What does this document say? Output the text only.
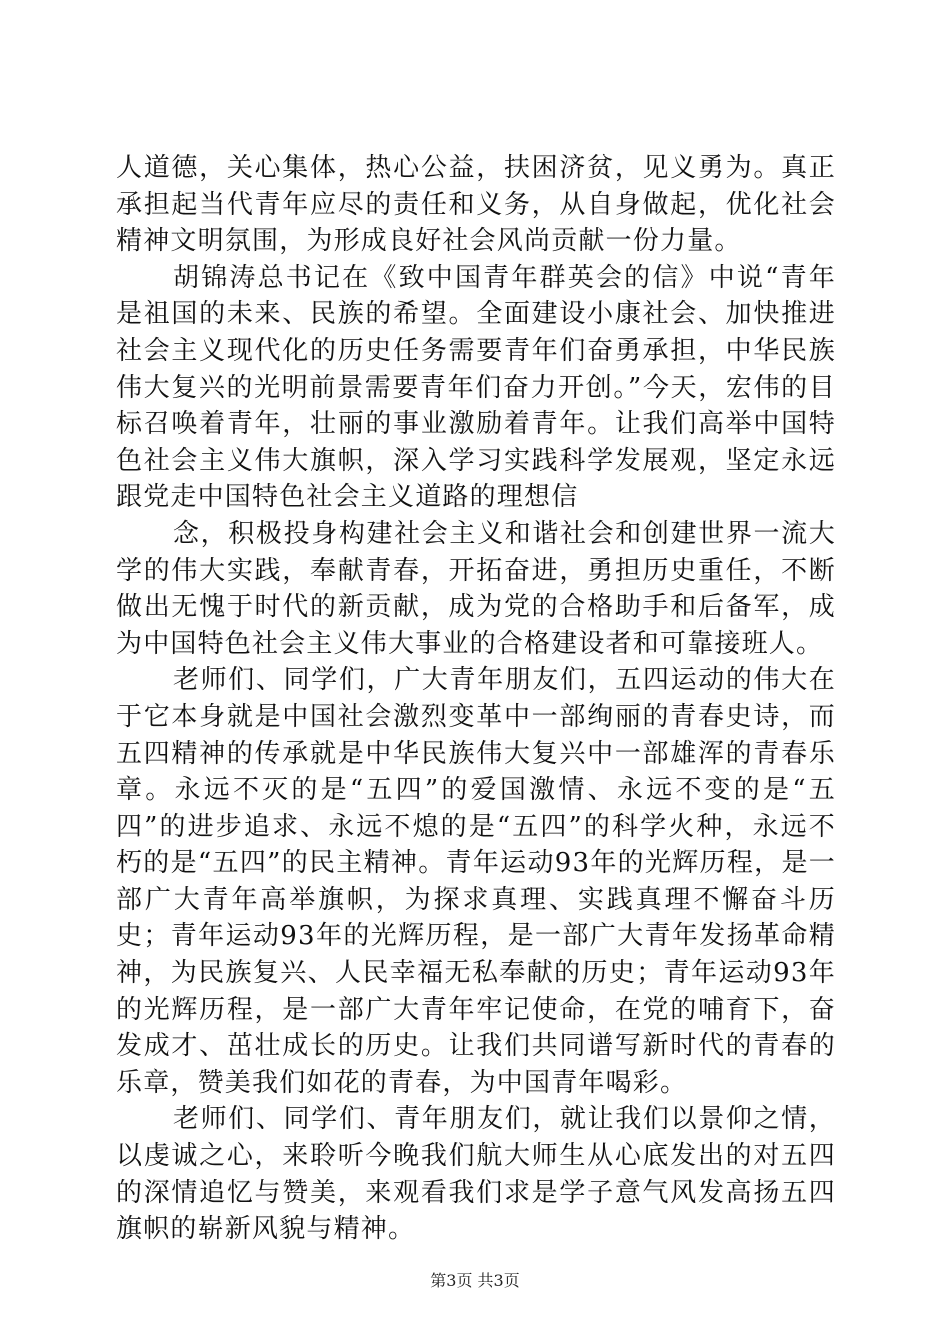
人道德，关心集体，热心公益，扶困济贫，见义勇为。真正承担起当代青年应尽的责任和义务，从自身做起，优化社会精神文明氛围，为形成良好社会风尚贡献一份力量。

胡锦涛总书记在《致中国青年群英会的信》中说“青年是祖国的未来、民族的希望。全面建设小康社会、加快推进社会主义现代化的历史任务需要青年们奋勇承担，中华民族伟大复兴的光明前景需要青年们奋力开创。”今天，宏伟的目标召唤着青年，壮丽的事业激励着青年。让我们高举中国特色社会主义伟大旗帜，深入学习实践科学发展观，坚定永远跟党走中国特色社会主义道路的理想信

念，积极投身构建社会主义和谐社会和创建世界一流大学的伟大实践，奉献青春，开拓奋进，勇担历史重任，不断做出无愧于时代的新贡献，成为党的合格助手和后备军，成为中国特色社会主义伟大事业的合格建设者和可靠接班人。

老师们、同学们，广大青年朋友们，五四运动的伟大在于它本身就是中国社会激烈变革中一部绚丽的青春史诗，而五四精神的传承就是中华民族伟大复兴中一部雄浑的青春乐章。永远不灭的是“五四”的爱国激情、永远不变的是“五四”的进步追求、永远不熄的是“五四”的科学火种，永远不朽的是“五四”的民主精神。青年运动93年的光辉历程，是一部广大青年高举旗帜，为探求真理、实践真理不懈奋斗历史；青年运动93年的光辉历程，是一部广大青年发扬革命精神，为民族复兴、人民幸福无私奉献的历史；青年运动93年的光辉历程，是一部广大青年牢记使命，在党的哺育下，奋发成才、茁壮成长的历史。让我们共同谱写新时代的青春的乐章，赞美我们如花的青春，为中国青年喝彩。

老师们、同学们、青年朋友们，就让我们以景仰之情，以虔诚之心，来聆听今晚我们航大师生从心底发出的对五四的深情追忆与赞美，来观看我们求是学子意气风发高扬五四旗帜的崭新风貌与精神。

第3页 共3页
